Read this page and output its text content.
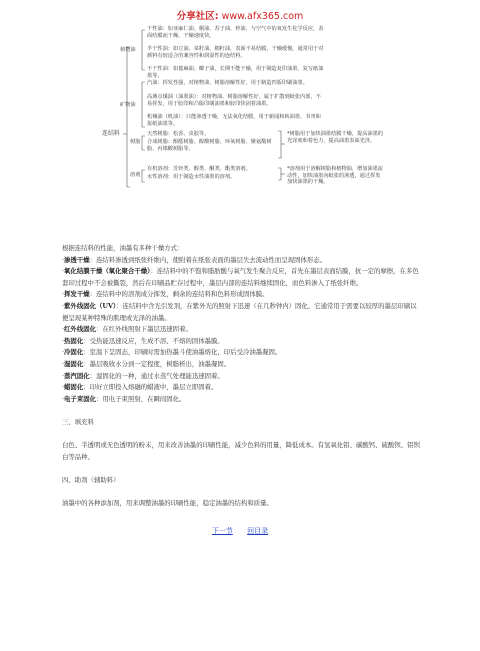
分享社区: www.afx365.com
连结料
植物油
干性油：如亚麻仁油、桐油、苏子油、梓油，与空气中的氧发生化学反应，表面结膜而干燥，干燥速度快。
半干性油：如豆油、菜籽油、棉籽油，表面不易结膜，干燥缓慢，通常用于对颜料有较适合的兼容性和润湿性的连结料。
不干性油：如蓖麻油、椰子油，长期不能干燥，用于制造复印油墨、复写纸油墨等。
矿物油
汽油：挥发性强，对植物油、树脂溶解性好，用于制造凹版印刷油墨。
高沸点煤油（油墨油）：对植物油、树脂溶解性好，属于扩散到纸张内部，不易挥发，用于胶印和凸版印刷油墨和胶印快固着油墨。
机械油（机油）：只能渗透干燥，无法氧化结膜，用于新闻和转油墨、书刊和报纸油墨等。
树脂
天然树脂：松香、虫胶等。
合成树脂：酚醛树脂、醇酸树脂、环氧树脂、聚氨酯树脂、丙烯酸树脂等。
*树脂用于加快油墨结膜干燥，提高油墨的光泽度和着色力，提高油墨表面光泽。
溶剂
有机溶剂：芳烃类、醇类、酮类、酯类溶剂。
水性溶剂：用于制造水性油墨的溶剂。
*溶剂用于溶解树脂和植物油，增加油墨流动性，加快油墨向纸张的渗透，通过挥发加快油墨的干燥。

根据连结料的性能，油墨有多种干燥方式：

·渗透干燥：连结料渗透到纸张纤维内，使附着在纸张表面的墨层失去流动性而呈现固体形态。

·氧化结膜干燥（氧化聚合干燥）：连结料中的不饱和脂肪酸与氧气发生聚合反应，首先在墨层表面结膜，抗一定的摩擦，在多色套印过程中不会被撕裂，然后在印刷品贮存过程中，墨层内部的连结料继续固化，而色料渗入了纸张纤维。

·挥发干燥：连结料中的溶剂成分挥发，剩余的连结料和色料形成固体膜。

·紫外线固化（UV）：连结料中含光引发剂，在紫外光的照射下迅速（在几秒钟内）固化，它通常用于需要以较厚的墨层印刷以便呈现某种特殊的肌理或光泽的油墨。

·红外线固化：在红外线照射下墨层迅速固着。

·热固化：受热能迅速反应，生成不溶、不熔的固体墨膜。

·冷固化：室温下呈固态，印刷时需加热墨斗使油墨熔化，印后受冷油墨凝固。

·湿固化：墨层吸收水分到一定程度，树脂析出，油墨凝固。

·蒸汽固化：湿固化的一种，通过水蒸气处理能迅速固着。

·蜡固化：印好立即投入熔融的蜡液中，墨层立即固着。

·电子束固化：用电子束照射，在瞬间固化。

三、填充料

白色、半透明或无色透明的粉末，用来改善油墨的印刷性能，减少色料的用量，降低成本。有氢氧化铝、碳酸钙、硫酸钡、铝钡白等品种。

四、助剂（辅助料）

油墨中的各种添加剂，用来调整油墨的印刷性能，稳定油墨的结构和质量。

下一节 回目录
